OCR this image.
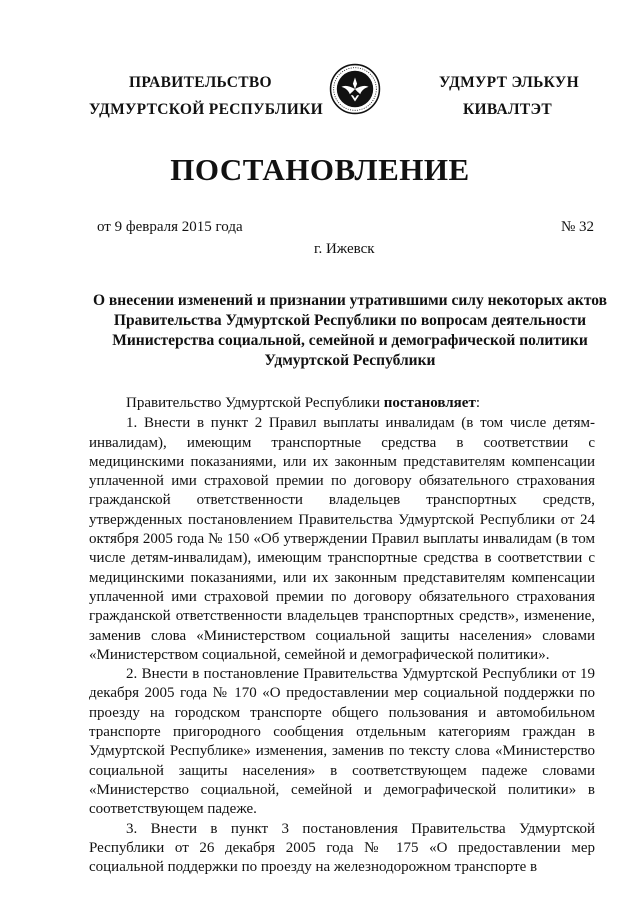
ПРАВИТЕЛЬСТВО
УДМУРТСКОЙ РЕСПУБЛИКИ
УДМУРТ ЭЛЬКУН
КИВАЛТЭТ
ПОСТАНОВЛЕНИЕ
от 9 февраля 2015 года	№ 32
г. Ижевск
О внесении изменений и признании утратившими силу некоторых актов
Правительства Удмуртской Республики по вопросам деятельности
Министерства социальной, семейной и демографической политики
Удмуртской Республики

Правительство Удмуртской Республики постановляет:

1. Внести в пункт 2 Правил выплаты инвалидам (в том числе детям-инвалидам), имеющим транспортные средства в соответствии с медицинскими показаниями, или их законным представителям компенсации уплаченной ими страховой премии по договору обязательного страхования гражданской ответственности владельцев транспортных средств, утвержденных постановлением Правительства Удмуртской Республики от 24 октября 2005 года № 150 «Об утверждении Правил выплаты инвалидам (в том числе детям-инвалидам), имеющим транспортные средства в соответствии с медицинскими показаниями, или их законным представителям компенсации уплаченной ими страховой премии по договору обязательного страхования гражданской ответственности владельцев транспортных средств», изменение, заменив слова «Министерством социальной защиты населения» словами «Министерством социальной, семейной и демографической политики».

2. Внести в постановление Правительства Удмуртской Республики от 19 декабря 2005 года № 170 «О предоставлении мер социальной поддержки по проезду на городском транспорте общего пользования и автомобильном транспорте пригородного сообщения отдельным категориям граждан в Удмуртской Республике» изменения, заменив по тексту слова «Министерство социальной защиты населения» в соответствующем падеже словами «Министерство социальной, семейной и демографической политики» в соответствующем падеже.

3. Внести в пункт 3 постановления Правительства Удмуртской Республики от 26 декабря 2005 года № 175 «О предоставлении мер социальной поддержки по проезду на железнодорожном транспорте в
